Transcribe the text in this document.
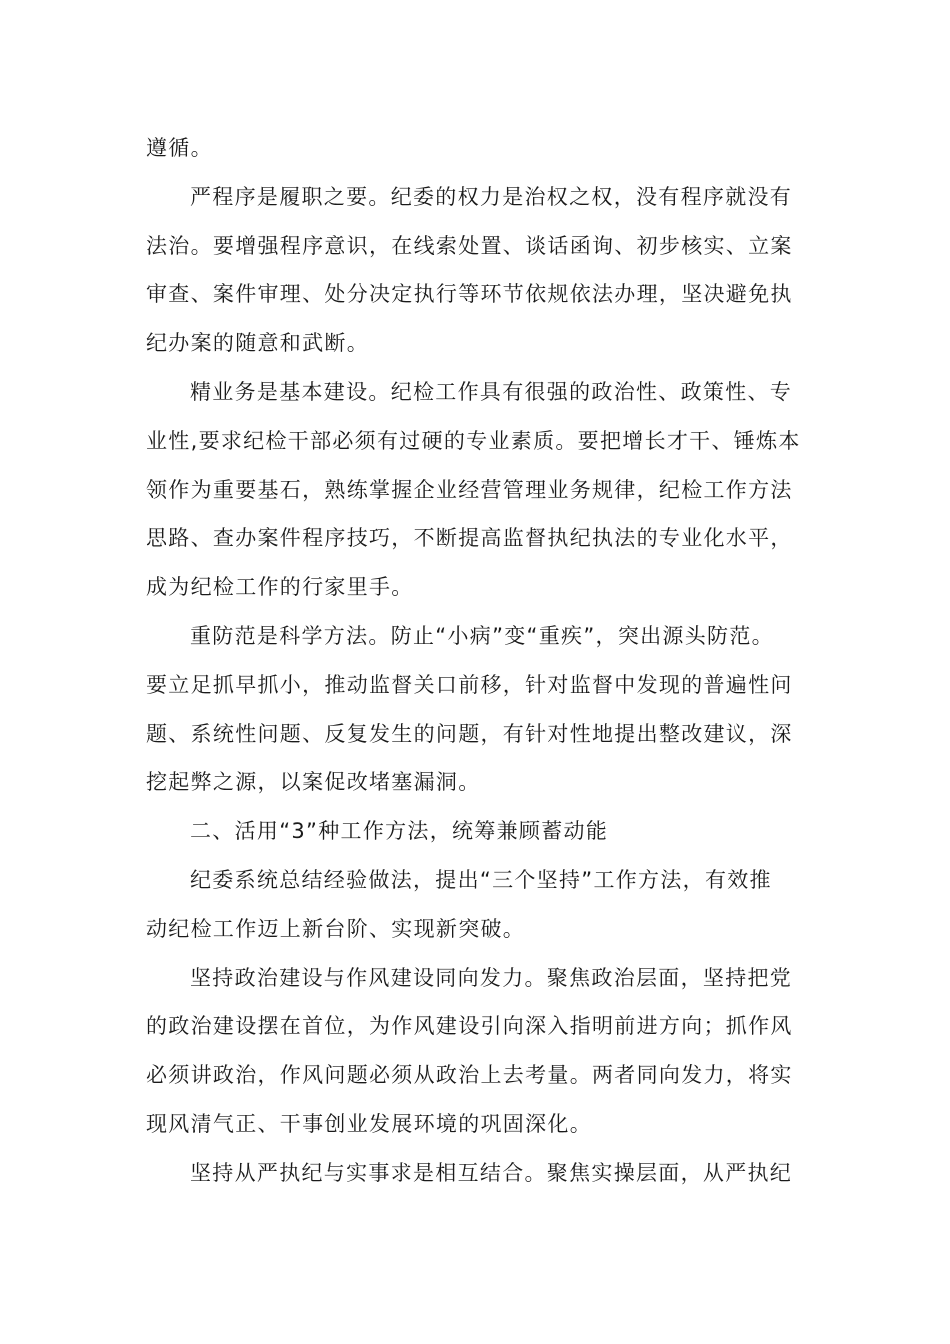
遵循。

严程序是履职之要。纪委的权力是治权之权，没有程序就没有
法治。要增强程序意识，在线索处置、谈话函询、初步核实、立案
审查、案件审理、处分决定执行等环节依规依法办理，坚决避免执
纪办案的随意和武断。

精业务是基本建设。纪检工作具有很强的政治性、政策性、专
业性,要求纪检干部必须有过硬的专业素质。要把增长才干、锤炼本
领作为重要基石，熟练掌握企业经营管理业务规律，纪检工作方法
思路、查办案件程序技巧，不断提高监督执纪执法的专业化水平，
成为纪检工作的行家里手。

重防范是科学方法。防止“小病”变“重疾”，突出源头防范。
要立足抓早抓小，推动监督关口前移，针对监督中发现的普遍性问
题、系统性问题、反复发生的问题，有针对性地提出整改建议，深
挖起弊之源，以案促改堵塞漏洞。

二、活用“3”种工作方法，统筹兼顾蓄动能

纪委系统总结经验做法，提出“三个坚持”工作方法，有效推
动纪检工作迈上新台阶、实现新突破。

坚持政治建设与作风建设同向发力。聚焦政治层面，坚持把党
的政治建设摆在首位，为作风建设引向深入指明前进方向；抓作风
必须讲政治，作风问题必须从政治上去考量。两者同向发力，将实
现风清气正、干事创业发展环境的巩固深化。

坚持从严执纪与实事求是相互结合。聚焦实操层面，从严执纪
